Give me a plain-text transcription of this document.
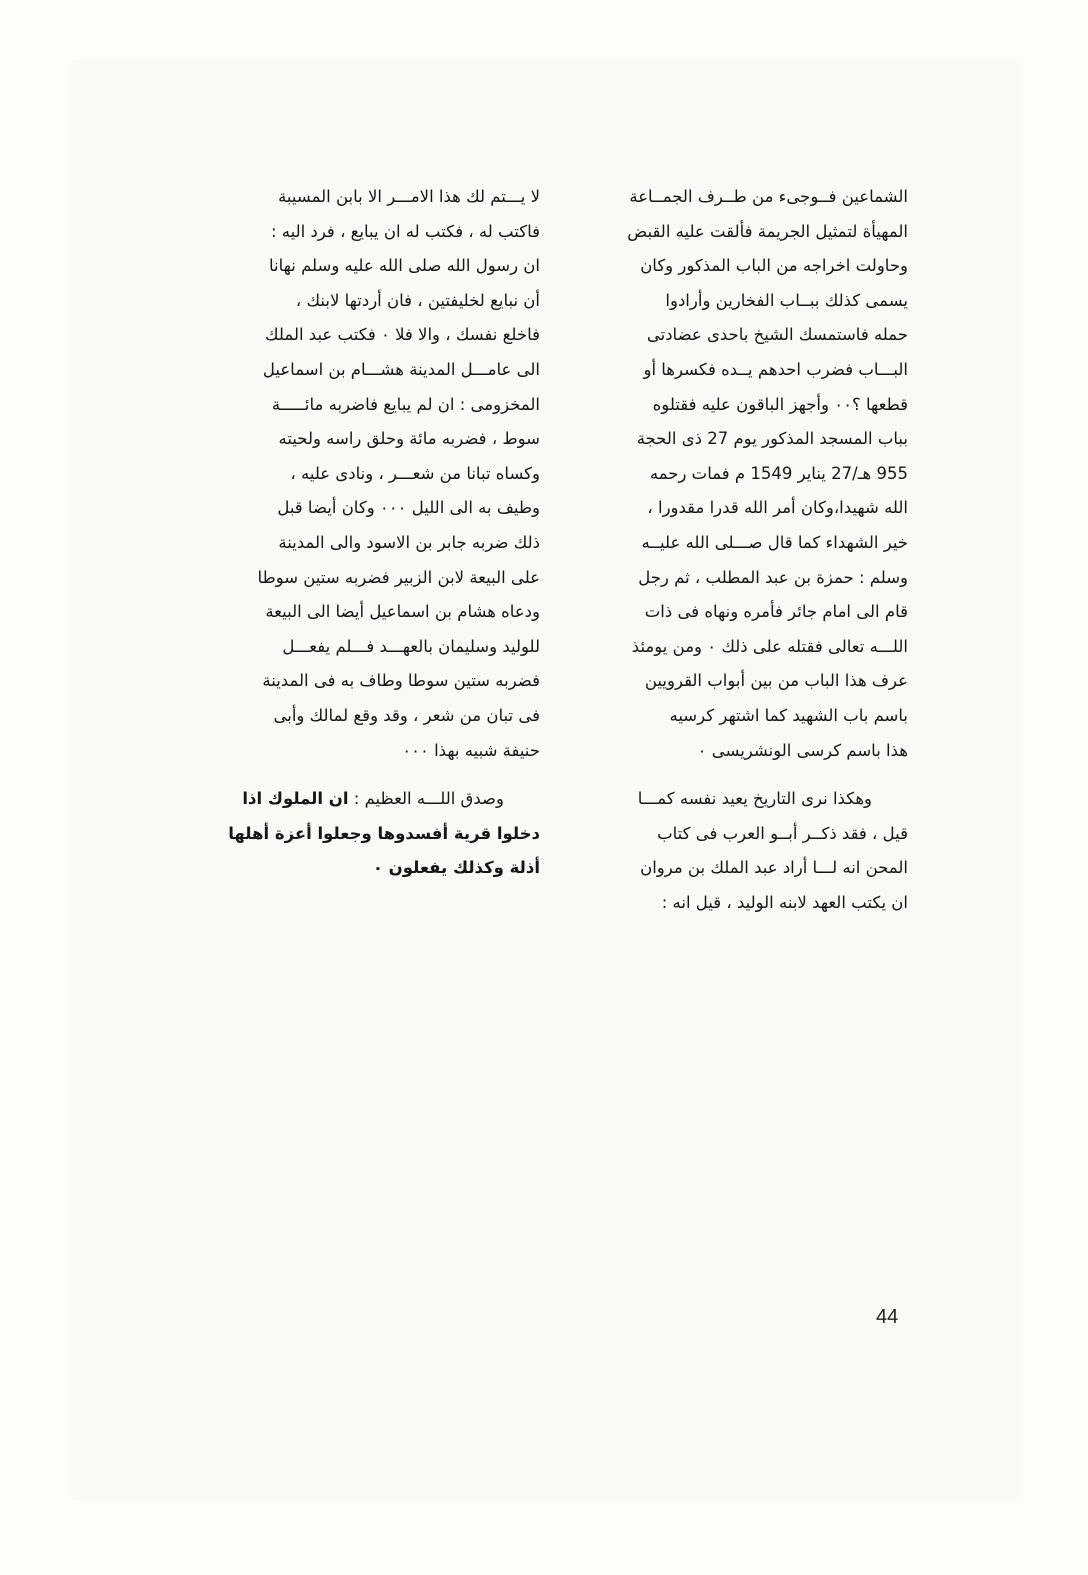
الشماعين فــوجىء من طــرف الجمــاعة
المهيأة لتمثيل الجريمة فألقت عليه القبض
وحاولت اخراجه من الباب المذكور وكان
يسمى كذلك ببــاب الفخارين وأرادوا
حمله فاستمسك الشيخ باحدى عضادتى
البـــاب فضرب احدهم يــده فكسرها أو
قطعها ؟٠٠ وأجهز الباقون عليه فقتلوه
بباب المسجد المذكور يوم 27 ذى الحجة
955 هـ/27 يناير 1549 م فمات رحمه
الله شهيدا،وكان أمر الله قدرا مقدورا ،
خير الشهداء كما قال صـــلى الله عليــه
وسلم : حمزة بن عبد المطلب ، ثم رجل
قام الى امام جائر فأمره ونهاه فى ذات
اللـــه تعالى فقتله على ذلك ٠ ومن يومئذ
عرف هذا الباب من بين أبواب القرويين
باسم باب الشهيد كما اشتهر كرسيه
هذا باسم كرسى الونشريسى ٠
وهكذا نرى التاريخ يعيد نفسه كمـــا
قيل ، فقد ذكــر أبــو العرب فى كتاب
المحن انه لـــا أراد عبد الملك بن مروان
ان يكتب العهد لابنه الوليد ، قيل انه :
لا يـــتم لك هذا الامـــر الا بابن المسيبة
فاكتب له ، فكتب له ان يبايع ، فرد اليه :
ان رسول الله صلى الله عليه وسلم نهانا
أن نبايع لخليفتين ، فان أردتها لابنك ،
فاخلع نفسك ، والا فلا ٠ فكتب عبد الملك
الى عامـــل المدينة هشـــام بن اسماعيل
المخزومى : ان لم يبايع فاضربه مائـــــة
سوط ، فضربه مائة وحلق راسه ولحيته
وكساه تبانا من شعـــر ، ونادى عليه ،
وطيف به الى الليل ٠٠٠ وكان أيضا قبل
ذلك ضربه جابر بن الاسود والى المدينة
على البيعة لابن الزبير فضربه ستين سوطا
ودعاه هشام بن اسماعيل أيضا الى البيعة
للوليد وسليمان بالعهـــد فـــلم يفعـــل
فضربه ستين سوطا وطاف به فى المدينة
فى تبان من شعر ، وقد وقع لمالك وأبى
حنيفة شبيه بهذا ٠٠٠
وصدق اللـــه العظيم : ان الملوك اذا
دخلوا قرية أفسدوها وجعلوا أعزة أهلها
أذلة وكذلك يفعلون ٠
44
